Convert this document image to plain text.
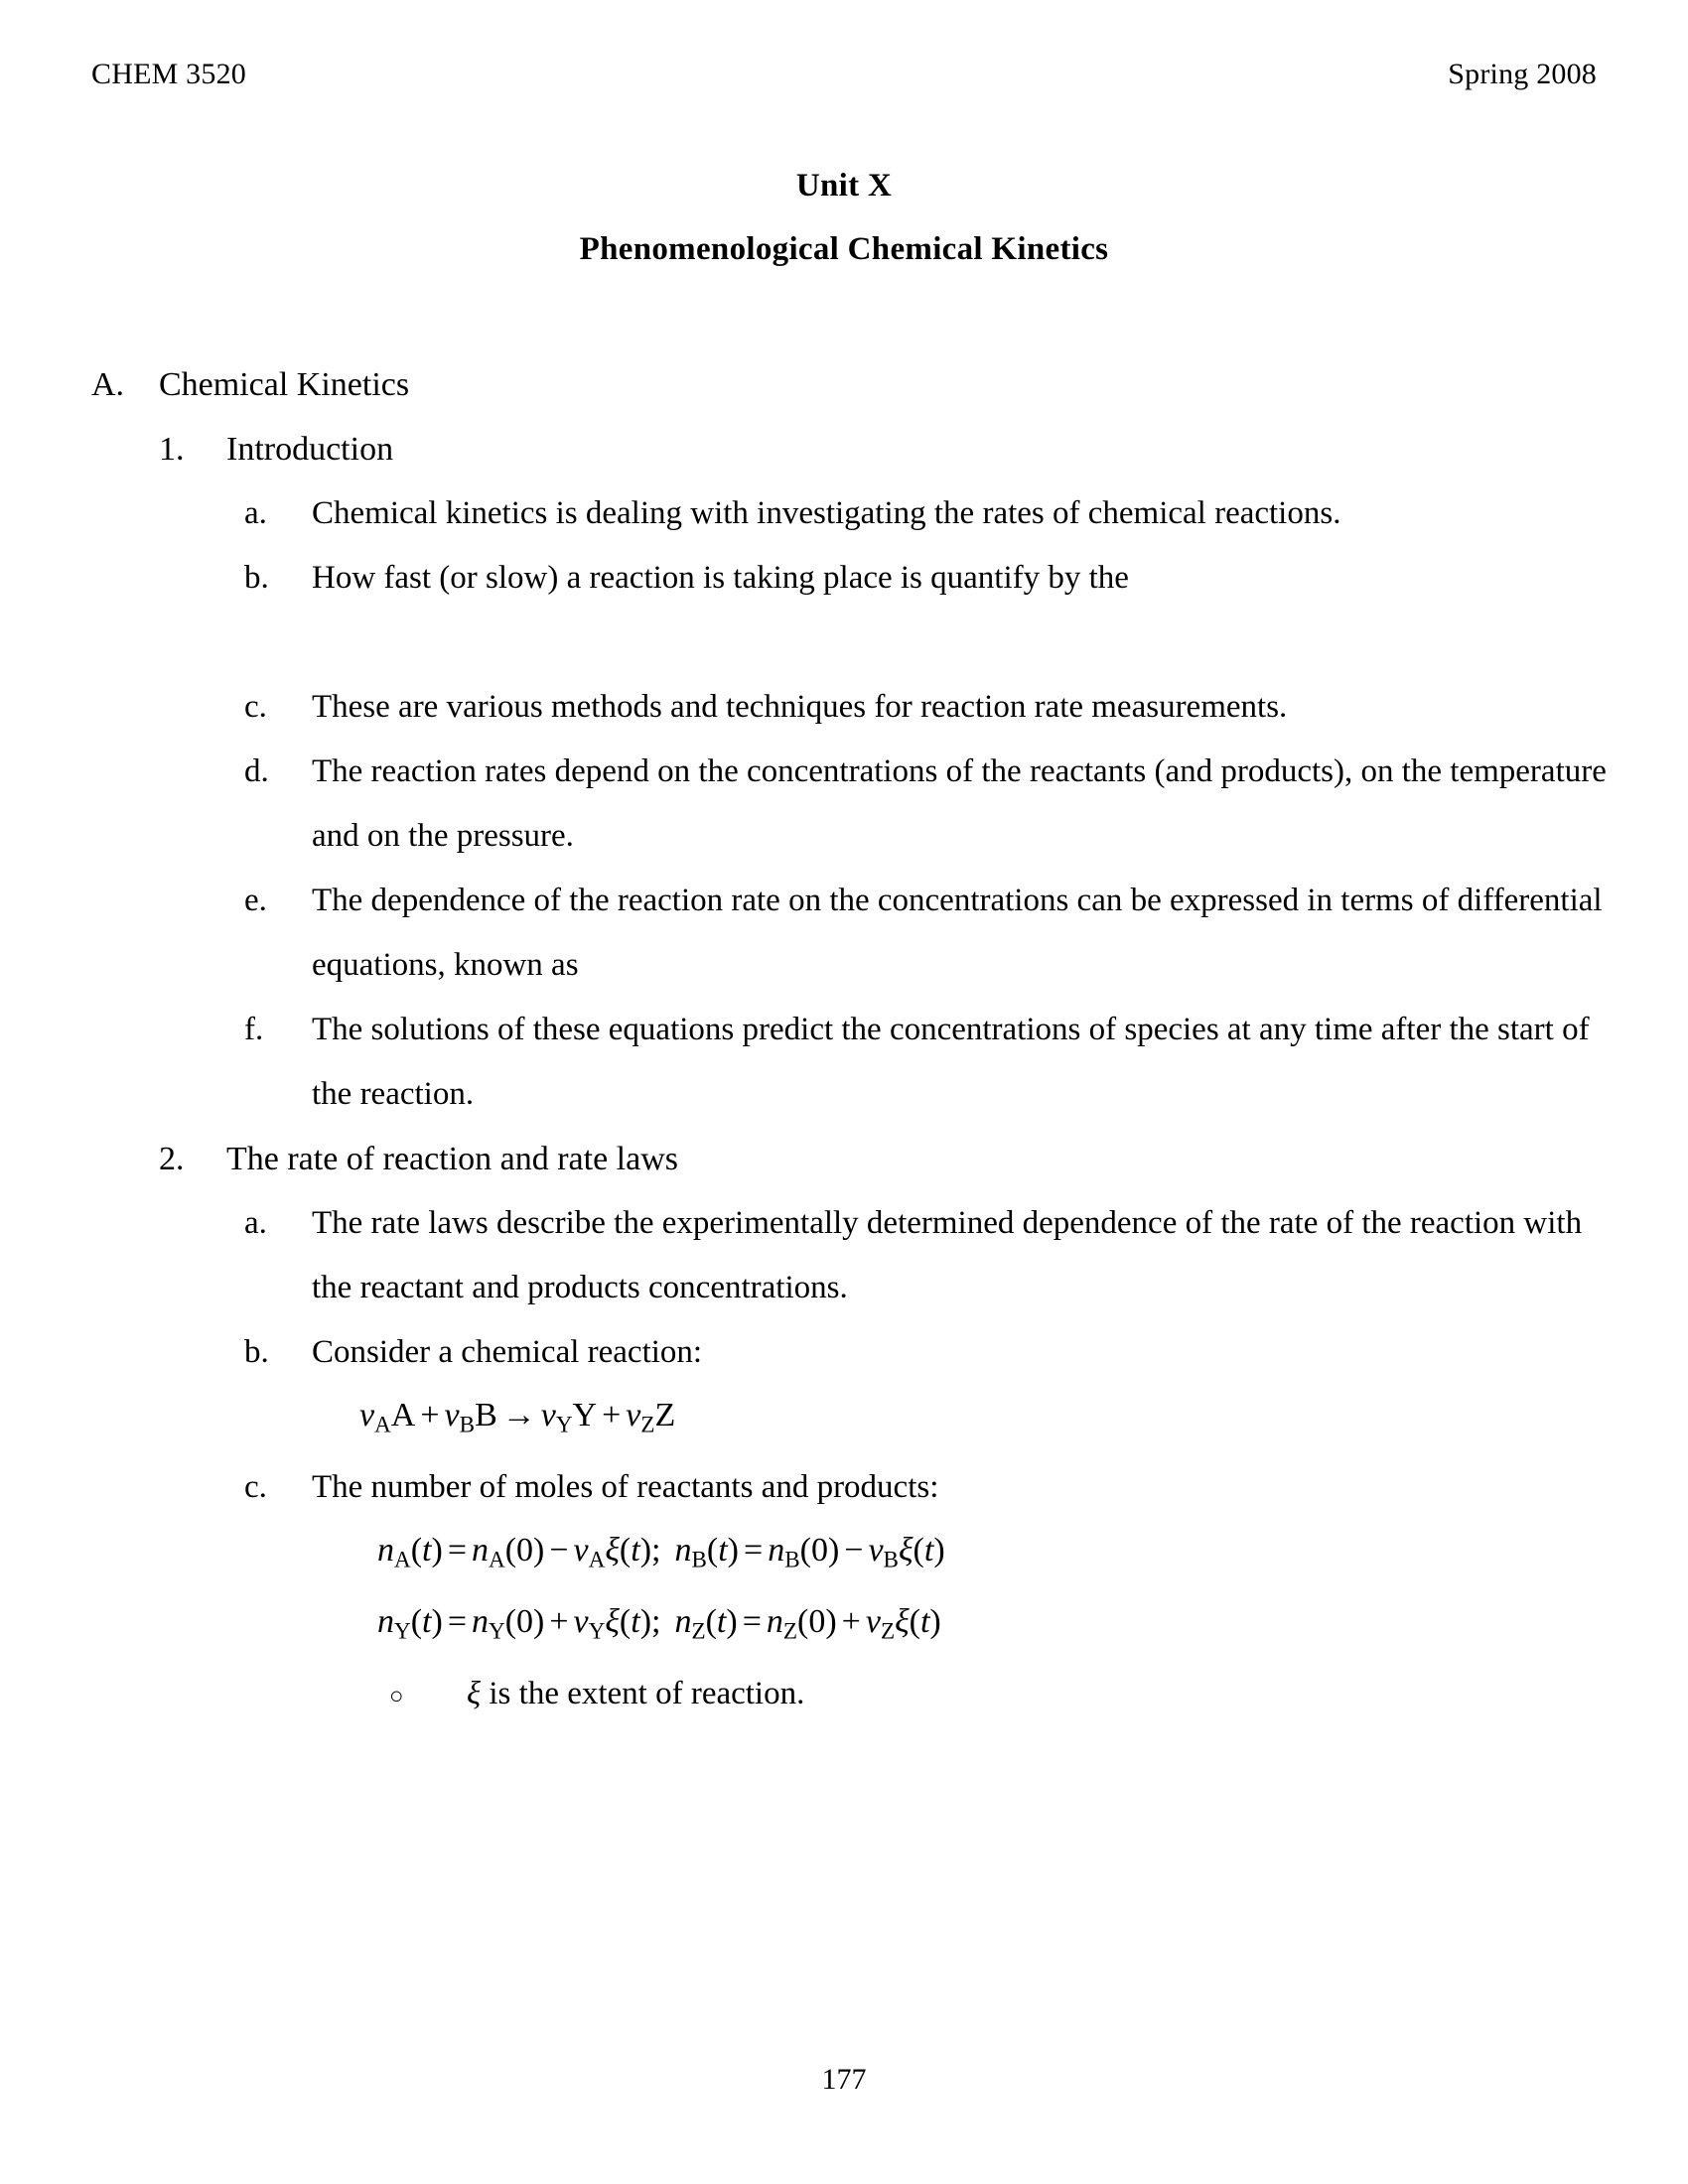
CHEM 3520	Spring 2008
Unit X
Phenomenological Chemical Kinetics
A.	Chemical Kinetics
1.	Introduction
a.	Chemical kinetics is dealing with investigating the rates of chemical reactions.
b.	How fast (or slow) a reaction is taking place is quantify by the
c.	These are various methods and techniques for reaction rate measurements.
d.	The reaction rates depend on the concentrations of the reactants (and products), on the temperature and on the pressure.
e.	The dependence of the reaction rate on the concentrations can be expressed in terms of differential equations, known as
f.	The solutions of these equations predict the concentrations of species at any time after the start of the reaction.
2.	The rate of reaction and rate laws
a.	The rate laws describe the experimentally determined dependence of the rate of the reaction with the reactant and products concentrations.
b.	Consider a chemical reaction:
$\nu_AA + \nu_BB \to \nu_YY + \nu_ZZ$
c.	The number of moles of reactants and products:
$n_A(t) = n_A(0) - \nu_A\xi(t)$; $n_B(t) = n_B(0) - \nu_B\xi(t)$
$n_Y(t) = n_Y(0) + \nu_Y\xi(t)$; $n_Z(t) = n_Z(0) + \nu_Z\xi(t)$
○	ξ is the extent of reaction.
177
